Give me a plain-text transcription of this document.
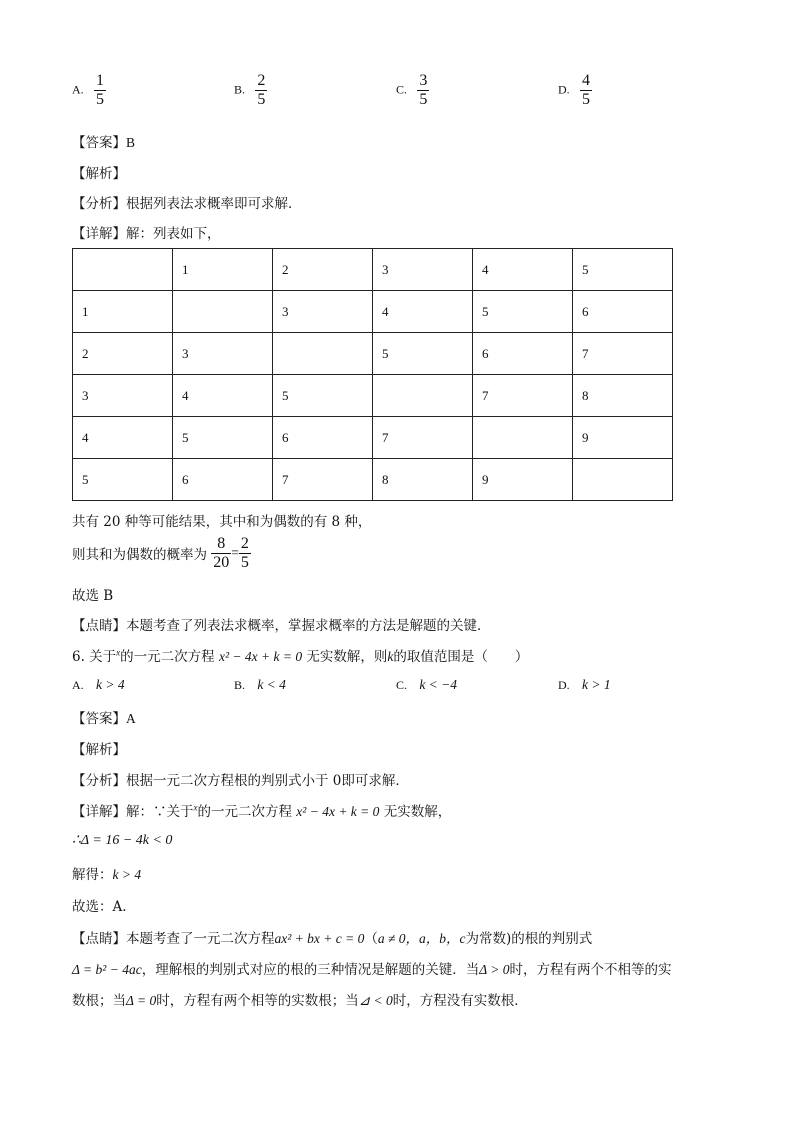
A. $\frac{1}{5}$	B. $\frac{2}{5}$	C. $\frac{3}{5}$	D. $\frac{4}{5}$
【答案】B
【解析】
【分析】根据列表法求概率即可求解．
【详解】解：列表如下，
	1	2	3	4	5
1		3	4	5	6
2	3		5	6	7
3	4	5		7	8
4	5	6	7		9
5	6	7	8	9	
共有 20 种等可能结果，其中和为偶数的有 8 种，
则其和为偶数的概率为 $\frac{8}{20} = \frac{2}{5}$
故选 B
【点睛】本题考查了列表法求概率，掌握求概率的方法是解题的关键．
6. 关于$^x$的一元二次方程 x² − 4x + k = 0 无实数解，则k的取值范围是（　　）
A. k > 4	B. k < 4	C. k < −4	D. k > 1
【答案】A
【解析】
【分析】根据一元二次方程根的判别式小于 0即可求解．
【详解】解：∵关于$^x$的一元二次方程 x² − 4x + k = 0 无实数解，
∴Δ = 16 − 4k < 0
解得：k > 4
故选：A.
【点睛】本题考查了一元二次方程ax² + bx + c = 0（a ≠ 0，a，b，c为常数)的根的判别式
Δ = b² − 4ac，理解根的判别式对应的根的三种情况是解题的关键．当Δ > 0时，方程有两个不相等的实
数根；当Δ = 0时，方程有两个相等的实数根；当⊿ < 0时，方程没有实数根．
